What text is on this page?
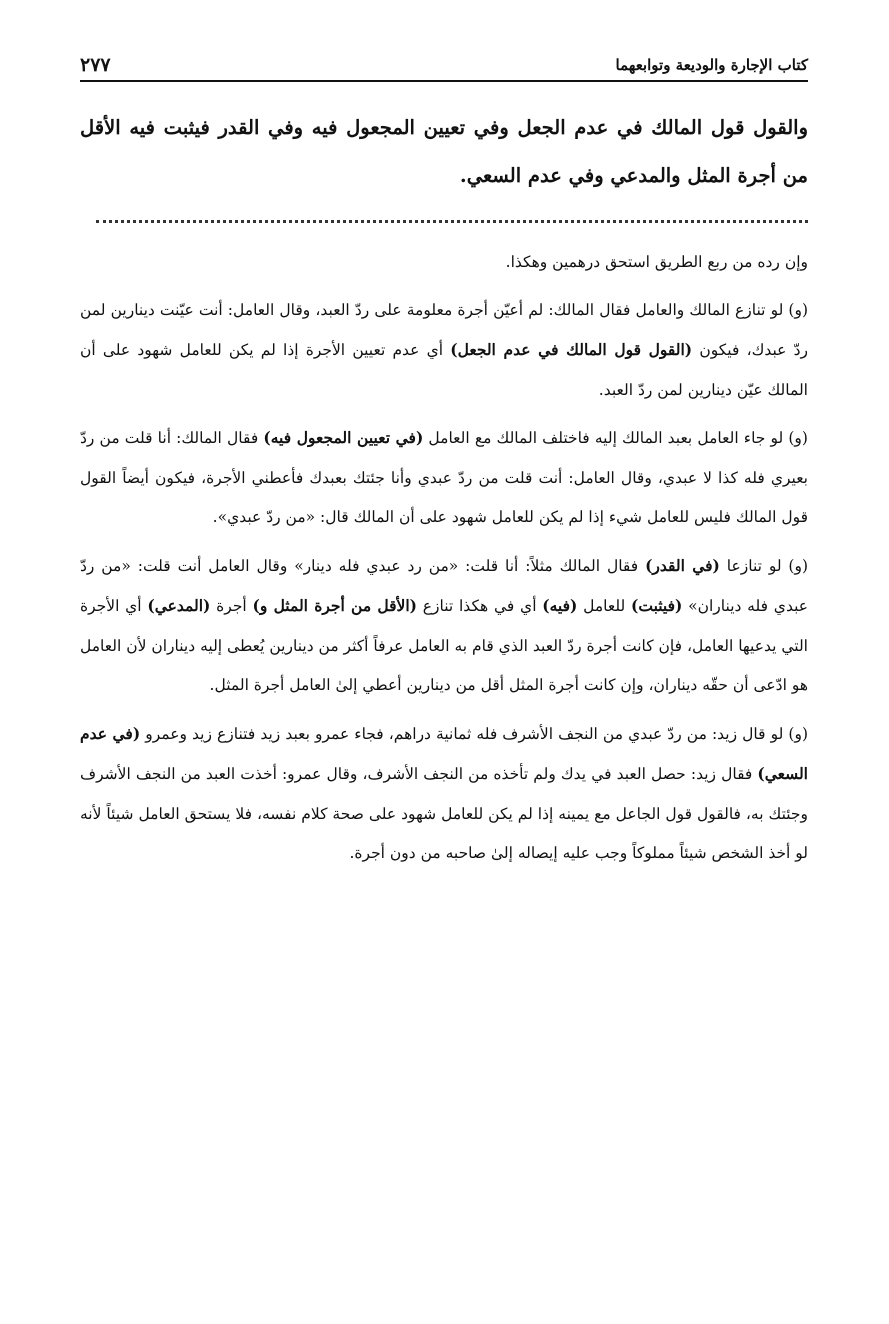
كتاب الإجارة والوديعة وتوابعهما
٢٧٧
والقول قول المالك في عدم الجعل وفي تعيين المجعول فيه وفي القدر فيثبت فيه الأقل من أجرة المثل والمدعي وفي عدم السعي.

وإن رده من ربع الطريق استحق درهمين وهكذا.

(و) لو تنازع المالك والعامل فقال المالك: لم أعيّن أجرة معلومة على ردّ العبد، وقال العامل: أنت عيّنت دينارين لمن ردّ عبدك، فيكون (القول قول المالك في عدم الجعل) أي عدم تعيين الأجرة إذا لم يكن للعامل شهود على أن المالك عيّن دينارين لمن ردّ العبد.

(و) لو جاء العامل بعبد المالك إليه فاختلف المالك مع العامل (في تعيين المجعول فيه) فقال المالك: أنا قلت من ردّ بعيري فله كذا لا عبدي، وقال العامل: أنت قلت من ردّ عبدي وأنا جئتك بعبدك فأعطني الأجرة، فيكون أيضاً القول قول المالك فليس للعامل شيء إذا لم يكن للعامل شهود على أن المالك قال: «من ردّ عبدي».

(و) لو تنازعا (في القدر) فقال المالك مثلاً: أنا قلت: «من رد عبدي فله دينار» وقال العامل أنت قلت: «من ردّ عبدي فله ديناران» (فيثبت) للعامل (فيه) أي في هكذا تنازع (الأقل من أجرة المثل و) أجرة (المدعي) أي الأجرة التي يدعيها العامل، فإن كانت أجرة ردّ العبد الذي قام به العامل عرفاً أكثر من دينارين يُعطى إليه ديناران لأن العامل هو ادّعى أن حقّه ديناران، وإن كانت أجرة المثل أقل من دينارين أعطي إلىٰ العامل أجرة المثل.

(و) لو قال زيد: من ردّ عبدي من النجف الأشرف فله ثمانية دراهم، فجاء عمرو بعبد زيد فتنازع زيد وعمرو (في عدم السعي) فقال زيد: حصل العبد في يدك ولم تأخذه من النجف الأشرف، وقال عمرو: أخذت العبد من النجف الأشرف وجئتك به، فالقول قول الجاعل مع يمينه إذا لم يكن للعامل شهود على صحة كلام نفسه، فلا يستحق العامل شيئاً لأنه لو أخذ الشخص شيئاً مملوكاً وجب عليه إيصاله إلىٰ صاحبه من دون أجرة.
